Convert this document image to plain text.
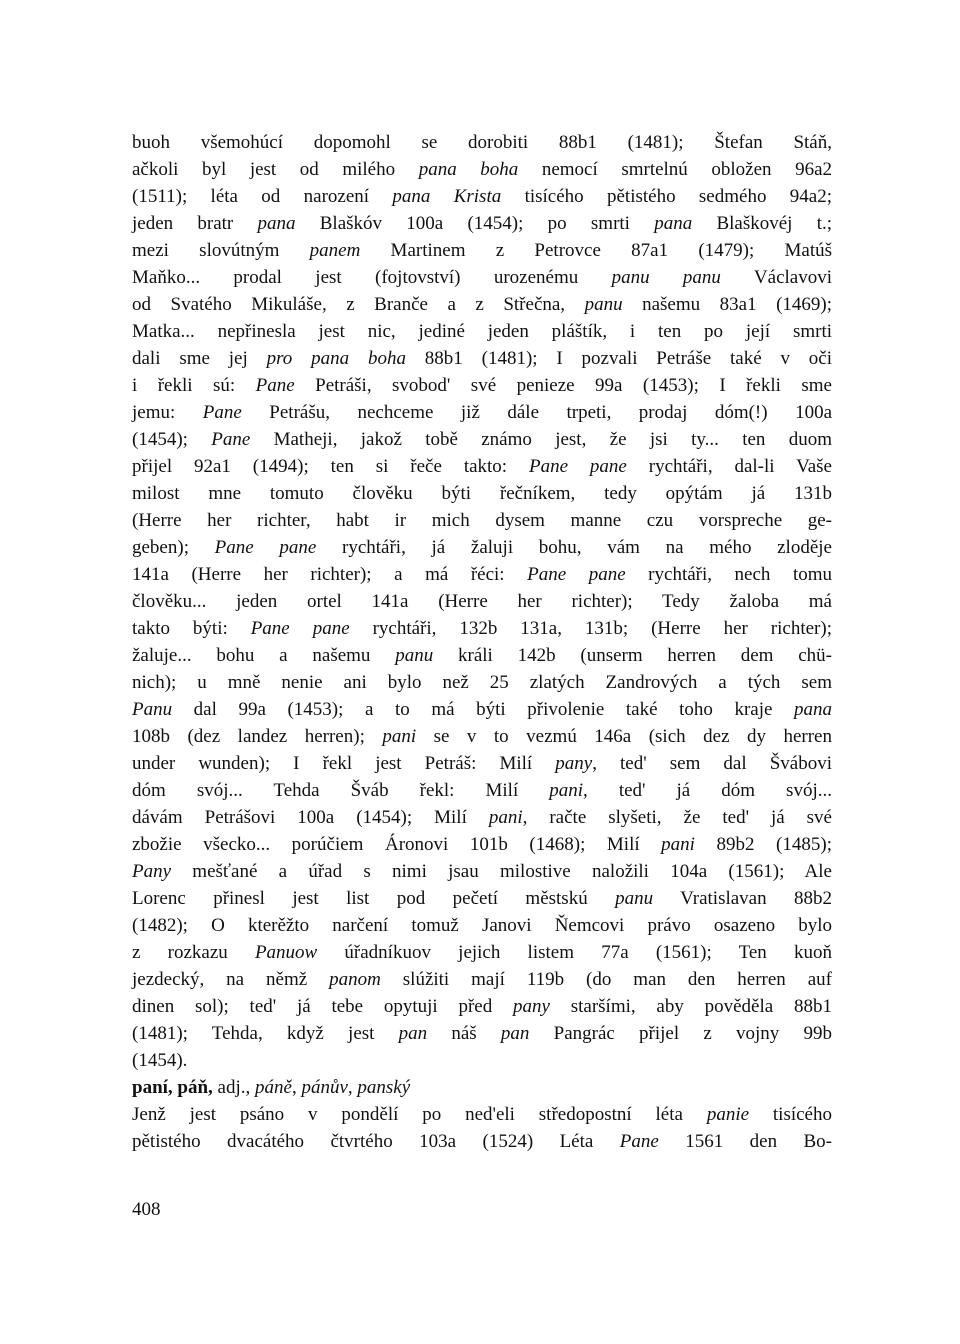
buoh všemohúcí dopomohl se dorobiti 88b1 (1481); Štefan Stáň,
ačkoli byl jest od milého pana boha nemocí smrtelnú obložen 96a2
(1511); léta od narození pana Krista tisícého pětistého sedmého 94a2;
jeden bratr pana Blaškóv 100a (1454); po smrti pana Blaškovéj t.;
mezi slovútným panem Martinem z Petrovce 87a1 (1479); Matúš
Maňko... prodal jest (fojtovství) urozenému panu panu Václavovi
od Svatého Mikuláše, z Branče a z Střečna, panu našemu 83a1 (1469);
Matka... nepřinesla jest nic, jediné jeden pláštík, i ten po její smrti
dali sme jej pro pana boha 88b1 (1481); I pozvali Petráše také v oči
i řekli sú: Pane Petráši, svobod' své penieze 99a (1453); I řekli sme
jemu: Pane Petrášu, nechceme již dále trpeti, prodaj dóm(!) 100a
(1454); Pane Matheji, jakož tobě známo jest, že jsi ty... ten duom
přijel 92a1 (1494); ten si řeče takto: Pane pane rychtáři, dal-li Vaše
milost mne tomuto člověku býti řečníkem, tedy opýtám já 131b
(Herre her richter, habt ir mich dysem manne czu vorspreche ge-
geben); Pane pane rychtáři, já žaluji bohu, vám na mého zloděje
141a (Herre her richter); a má řéci: Pane pane rychtáři, nech tomu
člověku... jeden ortel 141a (Herre her richter); Tedy žaloba má
takto býti: Pane pane rychtáři, 132b 131a, 131b; (Herre her richter);
žaluje... bohu a našemu panu králi 142b (unserm herren dem chü-
nich); u mně nenie ani bylo než 25 zlatých Zandrových a tých sem
Panu dal 99a (1453); a to má býti přivolenie také toho kraje pana
108b (dez landez herren); pani se v to vezmú 146a (sich dez dy herren
under wunden); I řekl jest Petráš: Milí pany, ted' sem dal Švábovi
dóm svój... Tehda Šváb řekl: Milí pani, ted' já dóm svój...
dávám Petrášovi 100a (1454); Milí pani, račte slyšeti, že ted' já své
zbožie všecko... porúčiem Áronovi 101b (1468); Milí pani 89b2 (1485);
Pany mešťané a úřad s nimi jsau milostive naložili 104a (1561); Ale
Lorenc přinesl jest list pod pečetí městskú panu Vratislavan 88b2
(1482); O kterěžto narčení tomuž Janovi Ňemcovi právo osazeno bylo
z rozkazu Panuow úřadníkuov jejich listem 77a (1561); Ten kuoň
jezdecký, na němž panom slúžiti mají 119b (do man den herren auf
dinen sol); ted' já tebe opytuji před pany staršími, aby pověděla 88b1
(1481); Tehda, když jest pan náš pan Pangrác přijel z vojny 99b
(1454).
paní, páň, adj., páně, pánův, panský
Jenž jest psáno v pondělí po ned'eli středopostní léta panie tisícého
pětistého dvacátého čtvrtého 103a (1524) Léta Pane 1561 den Bo-
408
